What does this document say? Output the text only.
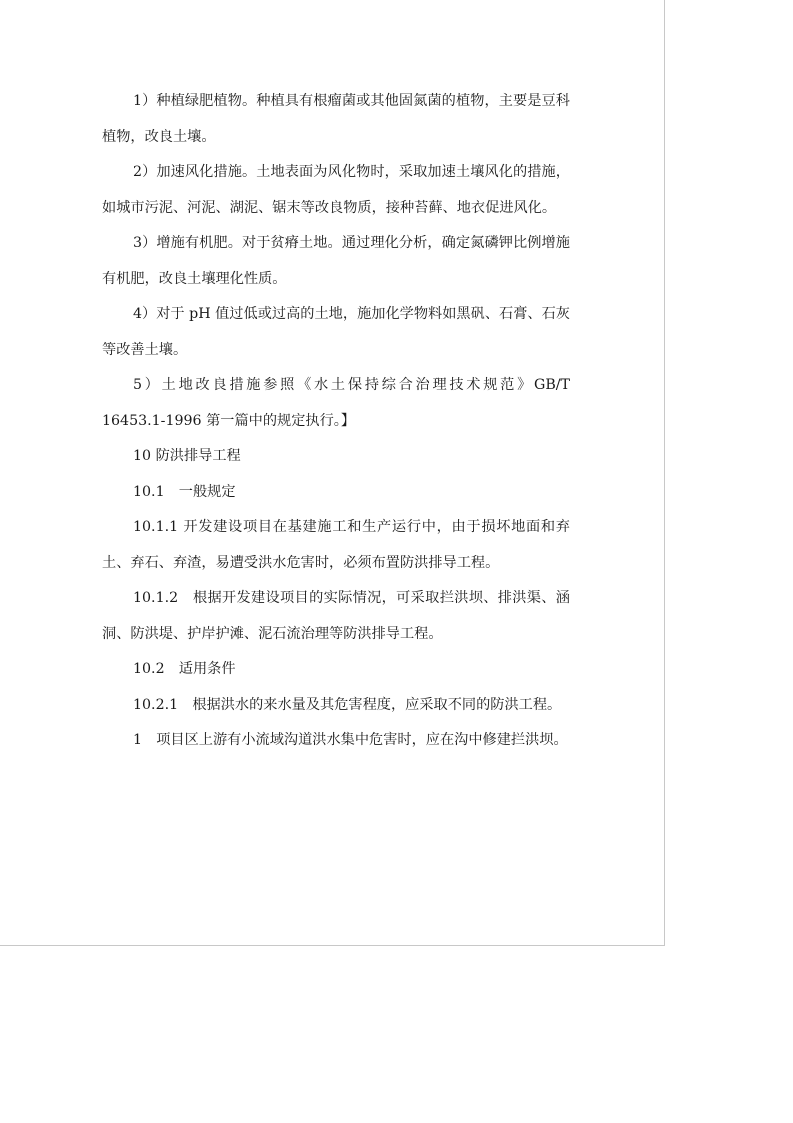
1）种植绿肥植物。种植具有根瘤菌或其他固氮菌的植物，主要是豆科植物，改良土壤。

2）加速风化措施。土地表面为风化物时，采取加速土壤风化的措施，如城市污泥、河泥、湖泥、锯末等改良物质，接种苔藓、地衣促进风化。

3）增施有机肥。对于贫瘠土地。通过理化分析，确定氮磷钾比例增施有机肥，改良土壤理化性质。

4）对于 pH 值过低或过高的土地，施加化学物料如黑矾、石膏、石灰等改善土壤。

5）土地改良措施参照《水土保持综合治理技术规范》GB/T 16453.1-1996 第一篇中的规定执行。】

10 防洪排导工程

10.1　一般规定

10.1.1 开发建设项目在基建施工和生产运行中，由于损坏地面和弃土、弃石、弃渣，易遭受洪水危害时，必须布置防洪排导工程。

10.1.2　根据开发建设项目的实际情况，可采取拦洪坝、排洪渠、涵洞、防洪堤、护岸护滩、泥石流治理等防洪排导工程。

10.2　适用条件

10.2.1　根据洪水的来水量及其危害程度，应采取不同的防洪工程。

1　项目区上游有小流域沟道洪水集中危害时，应在沟中修建拦洪坝。
